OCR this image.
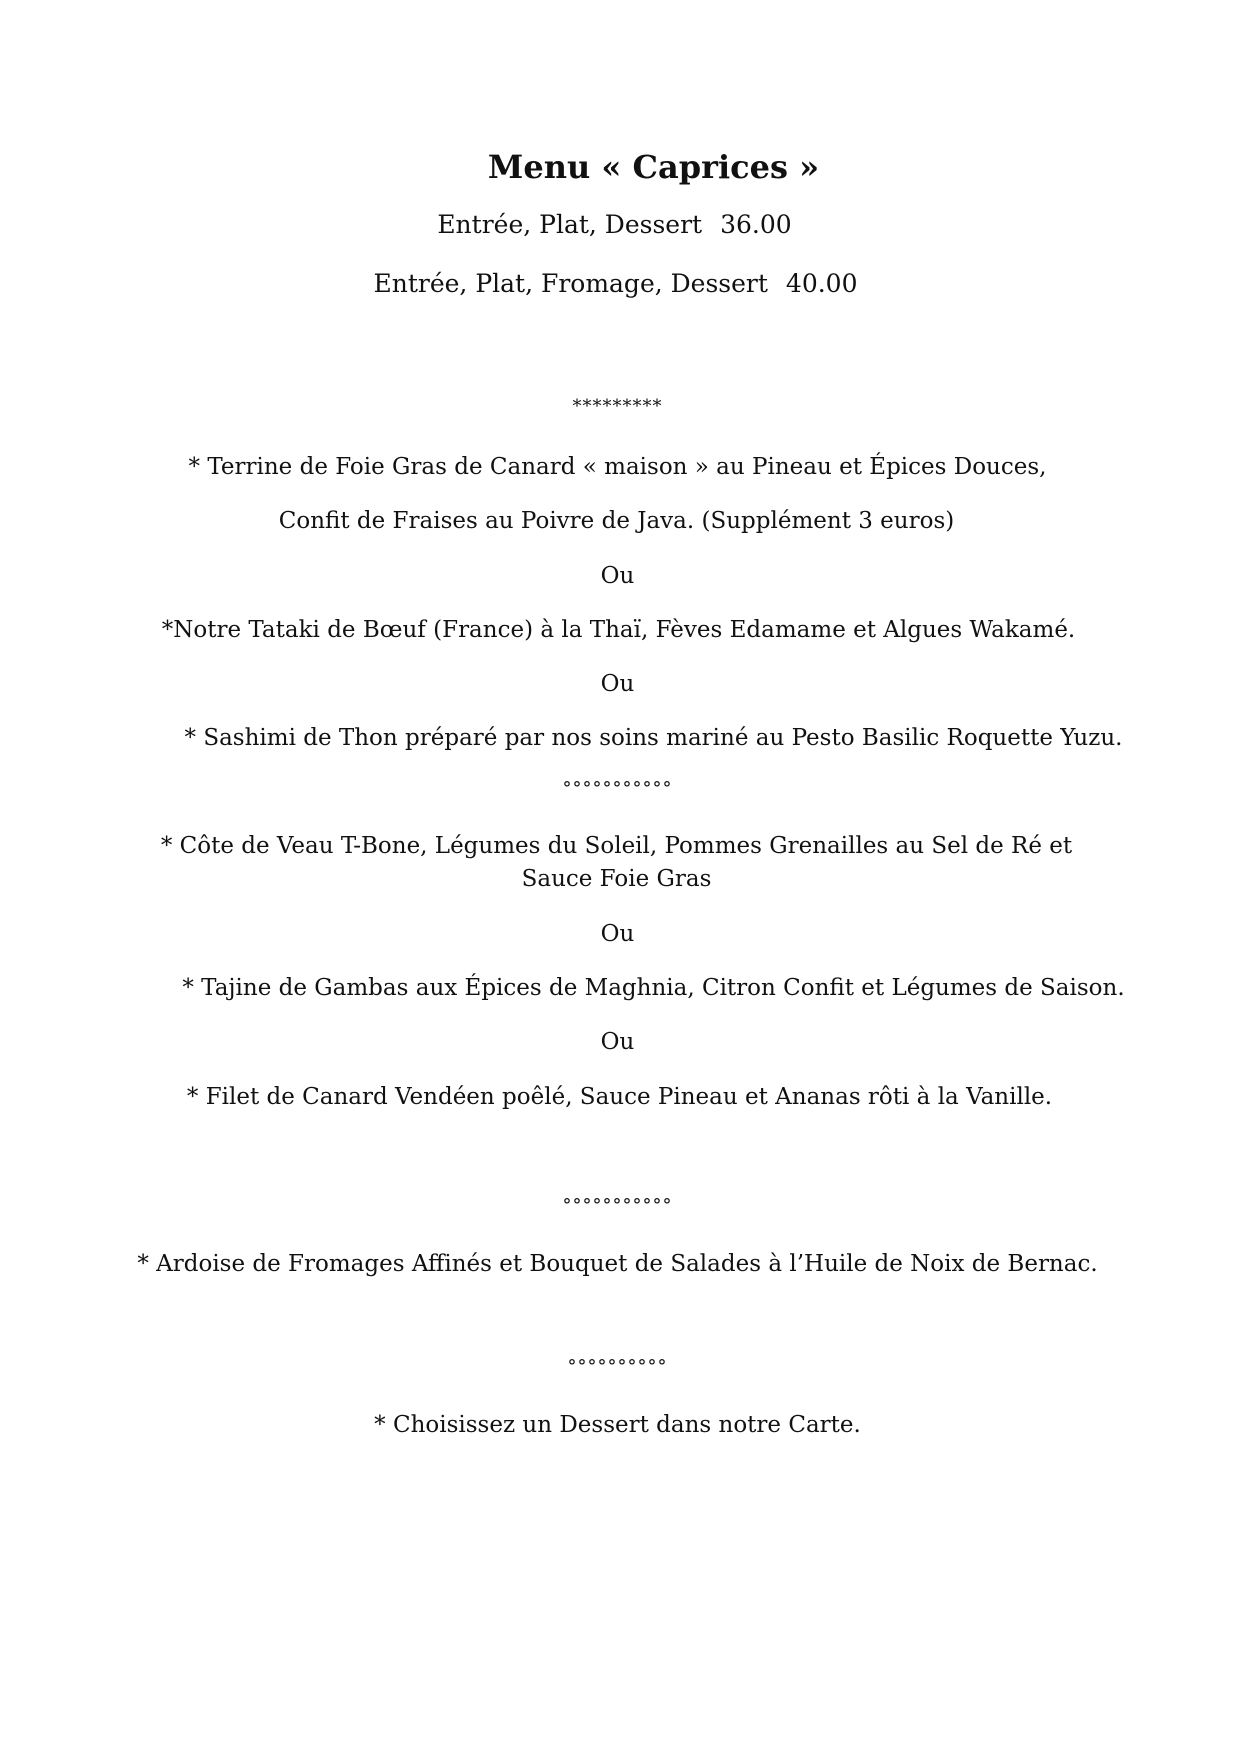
Menu « Caprices »
Entrée, Plat, Dessert 36.00
Entrée, Plat, Fromage, Dessert 40.00
*********
* Terrine de Foie Gras de Canard « maison » au Pineau et Épices Douces,
Confit de Fraises au Poivre de Java. (Supplément 3 euros)
Ou
*Notre Tataki de Bœuf (France) à la Thaï, Fèves Edamame et Algues Wakamé.
Ou
* Sashimi de Thon préparé par nos soins mariné au Pesto Basilic Roquette Yuzu.
°°°°°°°°°°°
* Côte de Veau T-Bone, Légumes du Soleil, Pommes Grenailles au Sel de Ré et
Sauce Foie Gras
Ou
* Tajine de Gambas aux Épices de Maghnia, Citron Confit et Légumes de Saison.
Ou
* Filet de Canard Vendéen poêlé, Sauce Pineau et Ananas rôti à la Vanille.
°°°°°°°°°°°
* Ardoise de Fromages Affinés et Bouquet de Salades à l’Huile de Noix de Bernac.
°°°°°°°°°°
* Choisissez un Dessert dans notre Carte.
